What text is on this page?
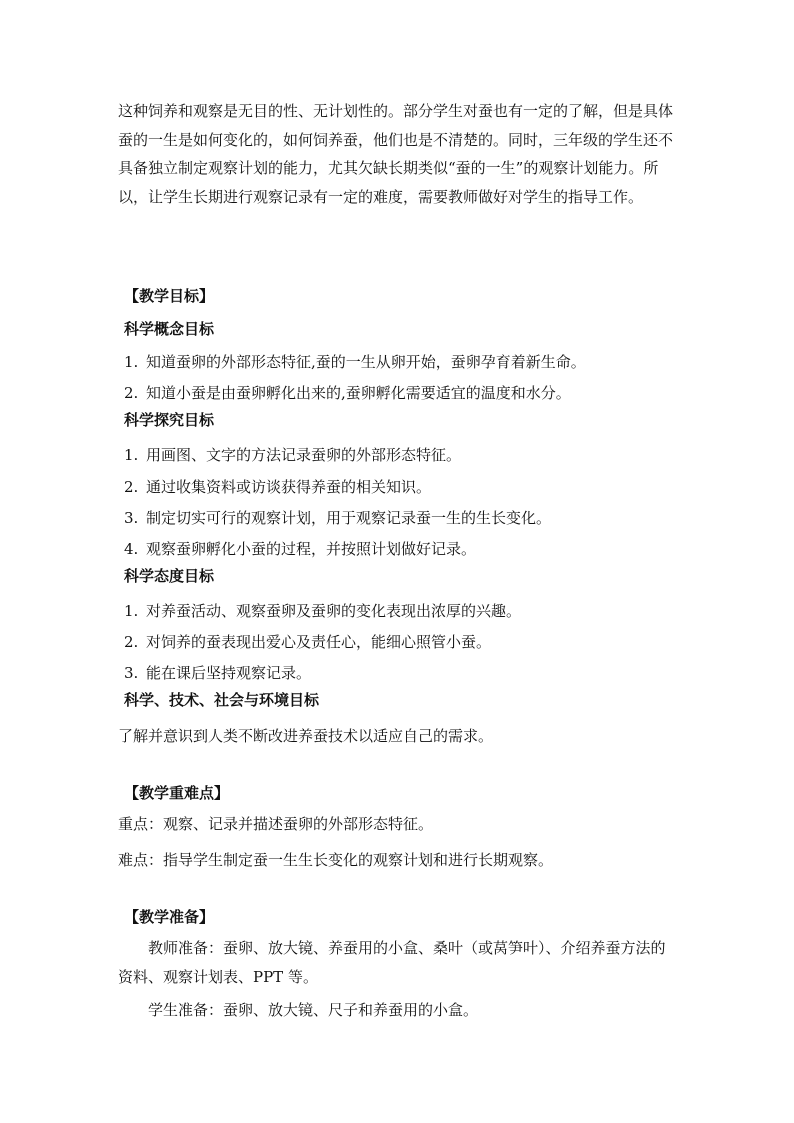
这种饲养和观察是无目的性、无计划性的。部分学生对蚕也有一定的了解，但是具体蚕的一生是如何变化的，如何饲养蚕，他们也是不清楚的。同时，三年级的学生还不具备独立制定观察计划的能力，尤其欠缺长期类似“蚕的一生”的观察计划能力。所以，让学生长期进行观察记录有一定的难度，需要教师做好对学生的指导工作。

【教学目标】

科学概念目标

1. 知道蚕卵的外部形态特征,蚕的一生从卵开始，蚕卵孕育着新生命。

2. 知道小蚕是由蚕卵孵化出来的,蚕卵孵化需要适宜的温度和水分。

科学探究目标

1. 用画图、文字的方法记录蚕卵的外部形态特征。

2. 通过收集资料或访谈获得养蚕的相关知识。

3. 制定切实可行的观察计划，用于观察记录蚕一生的生长变化。

4. 观察蚕卵孵化小蚕的过程，并按照计划做好记录。

科学态度目标

1. 对养蚕活动、观察蚕卵及蚕卵的变化表现出浓厚的兴趣。

2. 对饲养的蚕表现出爱心及责任心，能细心照管小蚕。

3. 能在课后坚持观察记录。

科学、技术、社会与环境目标

了解并意识到人类不断改进养蚕技术以适应自己的需求。

【教学重难点】

重点：观察、记录并描述蚕卵的外部形态特征。

难点：指导学生制定蚕一生生长变化的观察计划和进行长期观察。

【教学准备】

教师准备：蚕卵、放大镜、养蚕用的小盒、桑叶（或莴笋叶）、介绍养蚕方法的资料、观察计划表、PPT 等。

学生准备：蚕卵、放大镜、尺子和养蚕用的小盒。
